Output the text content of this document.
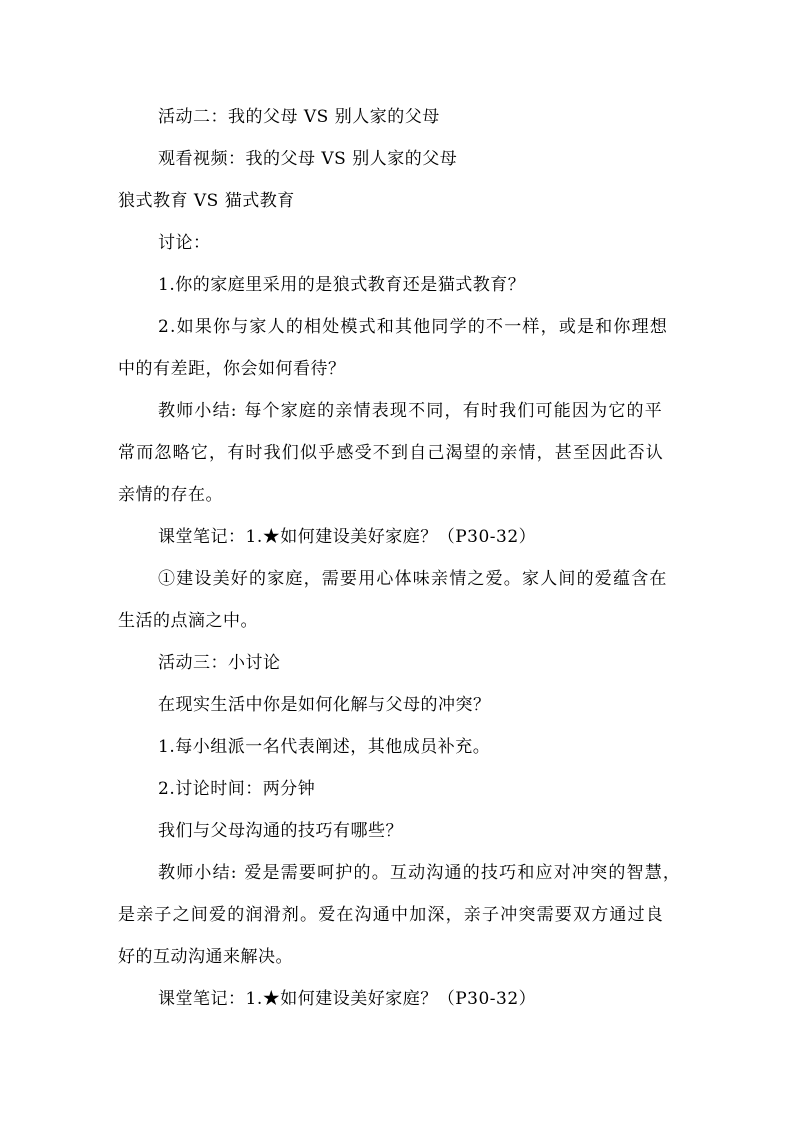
活动二：我的父母 VS 别人家的父母
观看视频：我的父母 VS 别人家的父母
狼式教育 VS 猫式教育
讨论：
1.你的家庭里采用的是狼式教育还是猫式教育？
2.如果你与家人的相处模式和其他同学的不一样，或是和你理想
中的有差距，你会如何看待？
教师小结: 每个家庭的亲情表现不同，有时我们可能因为它的平
常而忽略它，有时我们似乎感受不到自己渴望的亲情，甚至因此否认
亲情的存在。
课堂笔记：1.★如何建设美好家庭？（P30-32）
①建设美好的家庭，需要用心体味亲情之爱。家人间的爱蕴含在
生活的点滴之中。
活动三：小讨论
在现实生活中你是如何化解与父母的冲突？
1.每小组派一名代表阐述，其他成员补充。
2.讨论时间：两分钟
我们与父母沟通的技巧有哪些？
教师小结: 爱是需要呵护的。互动沟通的技巧和应对冲突的智慧，
是亲子之间爱的润滑剂。爱在沟通中加深，亲子冲突需要双方通过良
好的互动沟通来解决。
课堂笔记：1.★如何建设美好家庭？（P30-32）
